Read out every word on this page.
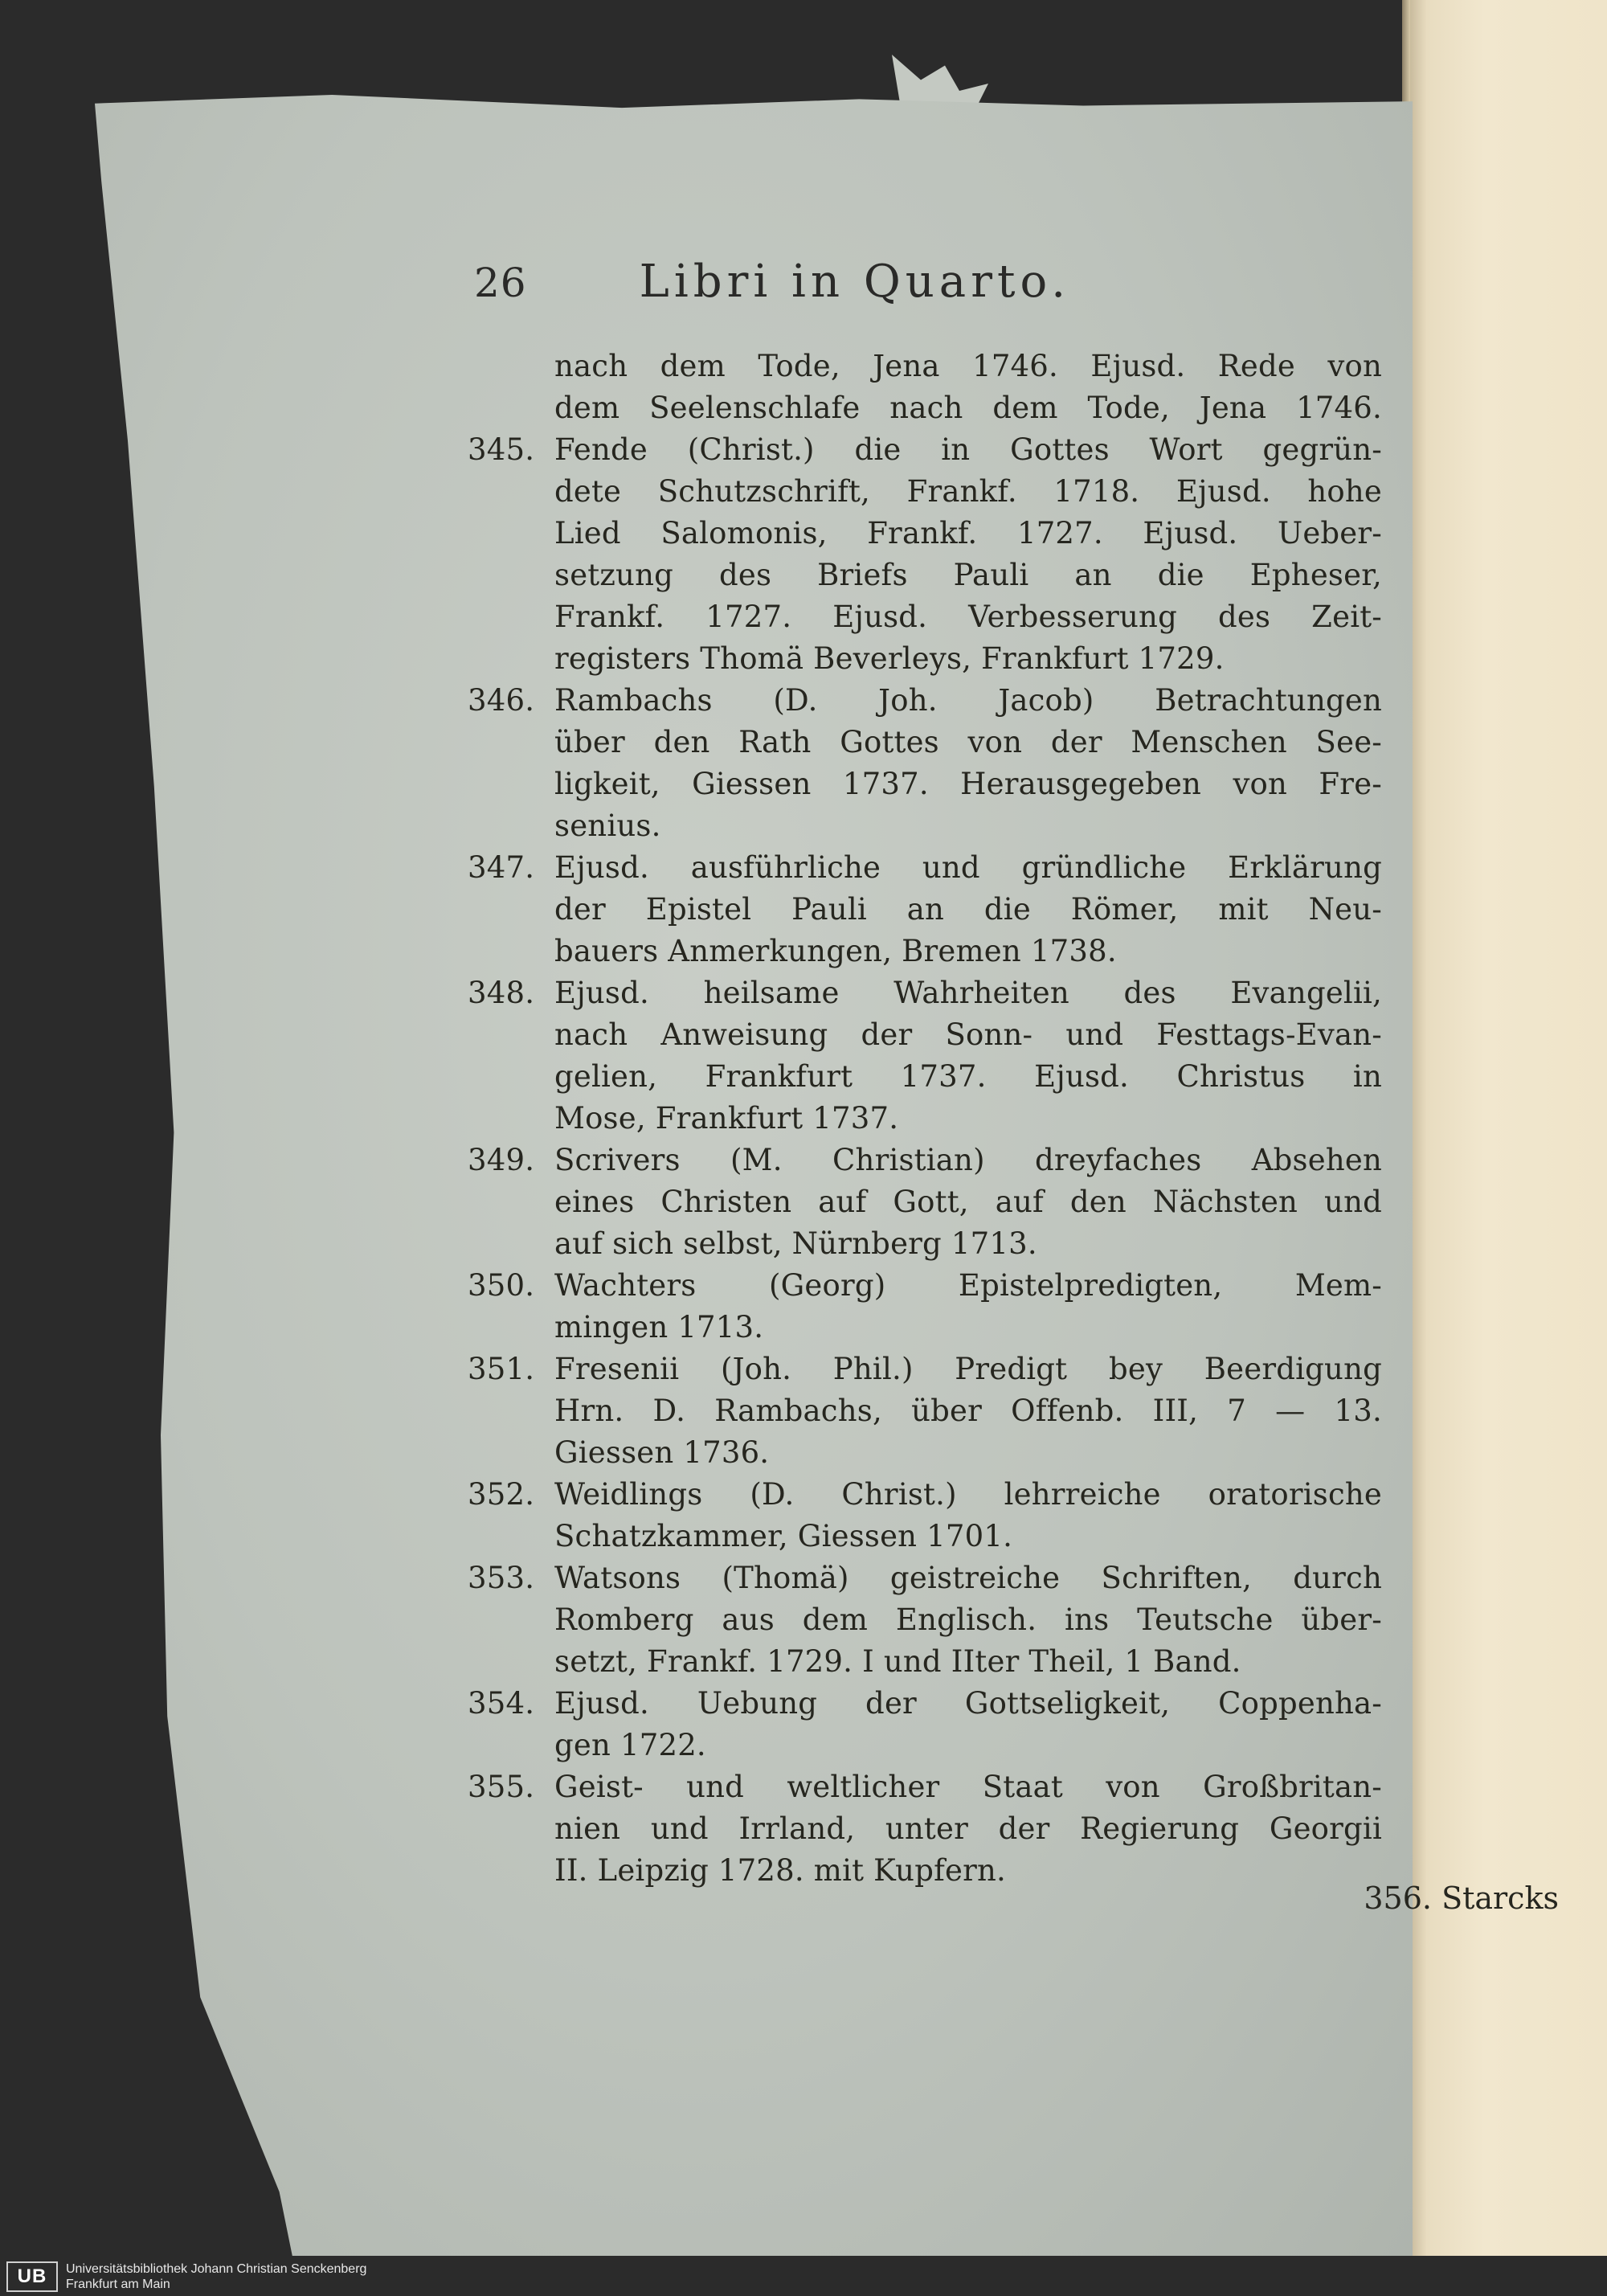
26	Libri in Quarto.
nach dem Tode, Jena 1746. Ejusd. Rede von
dem Seelenschlafe nach dem Tode, Jena 1746.
345. Fende (Christ.) die in Gottes Wort gegrün-
dete Schutzschrift, Frankf. 1718. Ejusd. hohe
Lied Salomonis, Frankf. 1727. Ejusd. Ueber-
setzung des Briefs Pauli an die Epheser,
Frankf. 1727. Ejusd. Verbesserung des Zeit-
registers Thomä Beverleys, Frankfurt 1729.
346. Rambachs (D. Joh. Jacob) Betrachtungen
über den Rath Gottes von der Menschen See-
ligkeit, Giessen 1737. Herausgegeben von Fre-
senius.
347. Ejusd. ausführliche und gründliche Erklärung
der Epistel Pauli an die Römer, mit Neu-
bauers Anmerkungen, Bremen 1738.
348. Ejusd. heilsame Wahrheiten des Evangelii,
nach Anweisung der Sonn- und Festtags-Evan-
gelien, Frankfurt 1737. Ejusd. Christus in
Mose, Frankfurt 1737.
349. Scrivers (M. Christian) dreyfaches Absehen
eines Christen auf Gott, auf den Nächsten und
auf sich selbst, Nürnberg 1713.
350. Wachters (Georg) Epistelpredigten, Mem-
mingen 1713.
351. Fresenii (Joh. Phil.) Predigt bey Beerdigung
Hrn. D. Rambachs, über Offenb. III, 7 — 13.
Giessen 1736.
352. Weidlings (D. Christ.) lehrreiche oratorische
Schatzkammer, Giessen 1701.
353. Watsons (Thomä) geistreiche Schriften, durch
Romberg aus dem Englisch. ins Teutsche über-
setzt, Frankf. 1729. I und IIter Theil, 1 Band.
354. Ejusd. Uebung der Gottseligkeit, Coppenha-
gen 1722.
355. Geist- und weltlicher Staat von Großbritan-
nien und Irrland, unter der Regierung Georgii
II. Leipzig 1728. mit Kupfern.
356. Starcks
UB	Universitätsbibliothek Johann Christian Senckenberg
Frankfurt am Main
